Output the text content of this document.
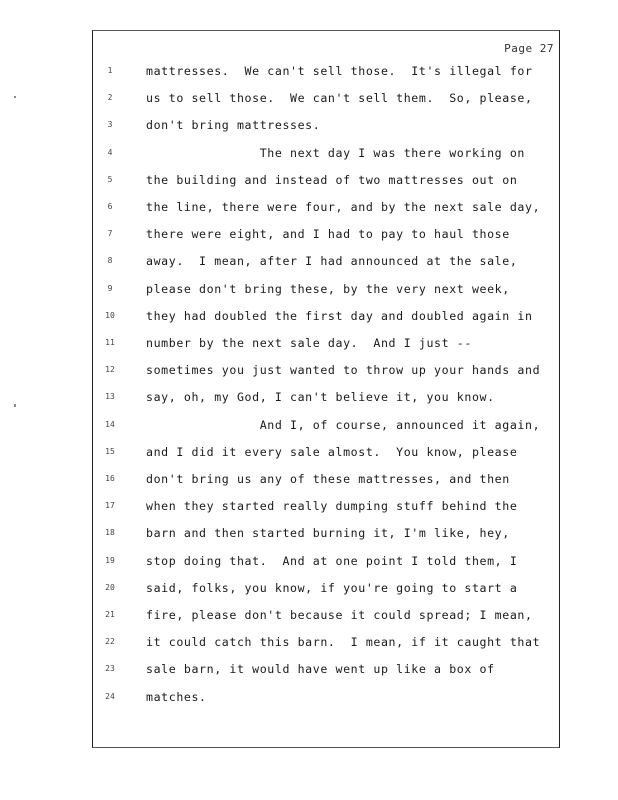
Page 27
1	mattresses.  We can't sell those.  It's illegal for
2	us to sell those.  We can't sell them.  So, please,
3	don't bring mattresses.
4	The next day I was there working on
5	the building and instead of two mattresses out on
6	the line, there were four, and by the next sale day,
7	there were eight, and I had to pay to haul those
8	away.  I mean, after I had announced at the sale,
9	please don't bring these, by the very next week,
10	they had doubled the first day and doubled again in
11	number by the next sale day.  And I just --
12	sometimes you just wanted to throw up your hands and
13	say, oh, my God, I can't believe it, you know.
14	And I, of course, announced it again,
15	and I did it every sale almost.  You know, please
16	don't bring us any of these mattresses, and then
17	when they started really dumping stuff behind the
18	barn and then started burning it, I'm like, hey,
19	stop doing that.  And at one point I told them, I
20	said, folks, you know, if you're going to start a
21	fire, please don't because it could spread; I mean,
22	it could catch this barn.  I mean, if it caught that
23	sale barn, it would have went up like a box of
24	matches.
